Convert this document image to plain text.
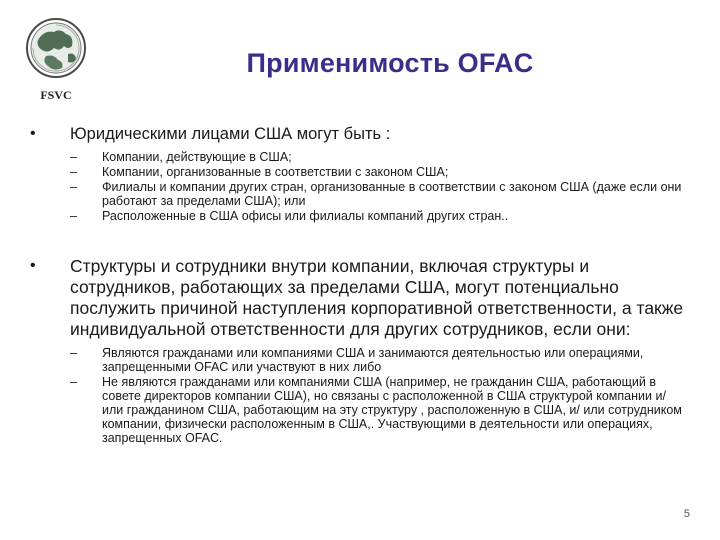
FSVC
Применимость OFAC
•	Юридическими лицами США могут быть :
–	Компании, действующие в США;
–	Компании, организованные в соответствии с законом США;
–	Филиалы и компании других стран, организованные в соответствии с законом США (даже если они работают за пределами США); или
–	Расположенные в США офисы или филиалы компаний других стран..
•	Структуры и сотрудники внутри компании, включая структуры и сотрудников, работающих за пределами США, могут потенциально послужить причиной наступления корпоративной ответственности, а также индивидуальной ответственности для других сотрудников, если они:
–	Являются гражданами или компаниями США и занимаются деятельностью или операциями, запрещенными OFAC или участвуют в них либо
–	Не являются гражданами или компаниями США (например, не гражданин США, работающий в совете директоров компании США), но связаны с расположенной в США структурой компании и/ или гражданином США, работающим на эту структуру , расположенную в США, и/ или сотрудником компании, физически расположенным в США,. Участвующими в деятельности или операциях, запрещенных OFAC.
5
